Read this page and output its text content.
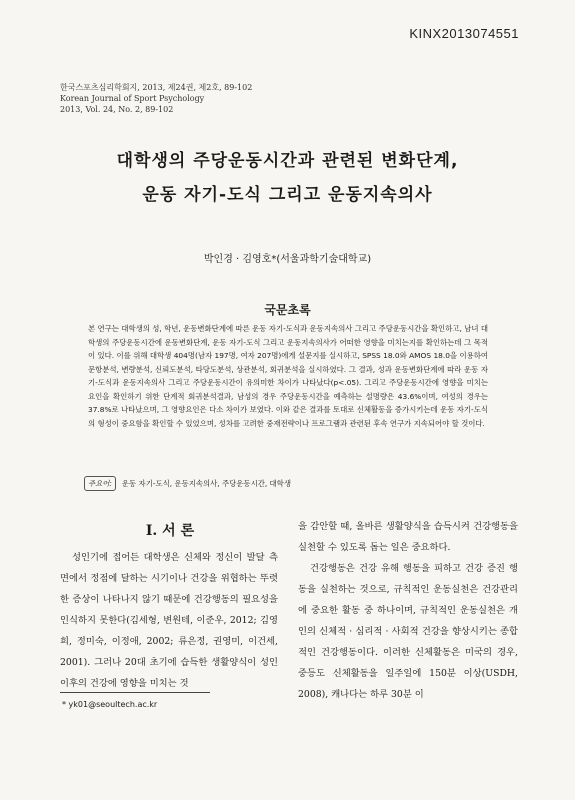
KINX2013074551
한국스포츠심리학회지, 2013, 제24권, 제2호, 89-102
Korean Journal of Sport Psychology
2013, Vol. 24, No. 2, 89-102
대학생의 주당운동시간과 관련된 변화단계,
운동 자기-도식 그리고 운동지속의사
박인경 · 김영호*(서울과학기술대학교)
국문초록
본 연구는 대학생의 성, 학년, 운동변화단계에 따른 운동 자기-도식과 운동지속의사 그리고 주당운동시간을 확인하고, 남녀 대학생의 주당운동시간에 운동변화단계, 운동 자기-도식 그리고 운동지속의사가 어떠한 영향을 미치는지를 확인하는데 그 목적이 있다. 이를 위해 대학생 404명(남자 197명, 여자 207명)에게 설문지를 실시하고, SPSS 18.0와 AMOS 18.0을 이용하여 문항분석, 변량분석, 신뢰도분석, 타당도분석, 상관분석, 회귀분석을 실시하였다. 그 결과, 성과 운동변화단계에 따라 운동 자기-도식과 운동지속의사 그리고 주당운동시간이 유의미한 차이가 나타났다(p<.05). 그리고 주당운동시간에 영향을 미치는 요인을 확인하기 위한 단계적 회귀분석결과, 남성의 경우 주당운동시간을 예측하는 설명량은 43.6%이며, 여성의 경우는 37.8%로 나타났으며, 그 영향요인은 다소 차이가 보였다. 이와 같은 결과를 토대로 신체활동을 증가시키는데 운동 자기-도식의 형성이 중요함을 확인할 수 있었으며, 성차를 고려한 중재전략이나 프로그램과 관련된 후속 연구가 지속되어야 할 것이다.
주요어:	운동 자기-도식, 운동지속의사, 주당운동시간, 대학생
I. 서 론

성인기에 접어든 대학생은 신체와 정신이 발달 측면에서 정점에 달하는 시기이나 건강을 위협하는 뚜렷한 증상이 나타나지 않기 때문에 건강행동의 필요성을 인식하지 못한다(김세형, 변원테, 이준우, 2012; 김영희, 정미숙, 이정애, 2002; 류은정, 권영미, 이건세, 2001). 그러나 20대 초기에 습득한 생활양식이 성인 이후의 건강에 영향을 미치는 것

을 감안할 때, 올바른 생활양식을 습득시켜 건강행동을 실천할 수 있도록 돕는 일은 중요하다.

건강행동은 건강 유해 행동을 피하고 건강 증진 행동을 실천하는 것으로, 규칙적인 운동실천은 건강관리에 중요한 활동 중 하나이며, 규칙적인 운동실천은 개인의 신체적 · 심리적 · 사회적 건강을 향상시키는 종합적인 건강행동이다. 이러한 신체활동은 미국의 경우, 중등도 신체활동을 일주일에 150분 이상(USDH, 2008), 캐나다는 하루 30분 이

* yk01@seoultech.ac.kr
